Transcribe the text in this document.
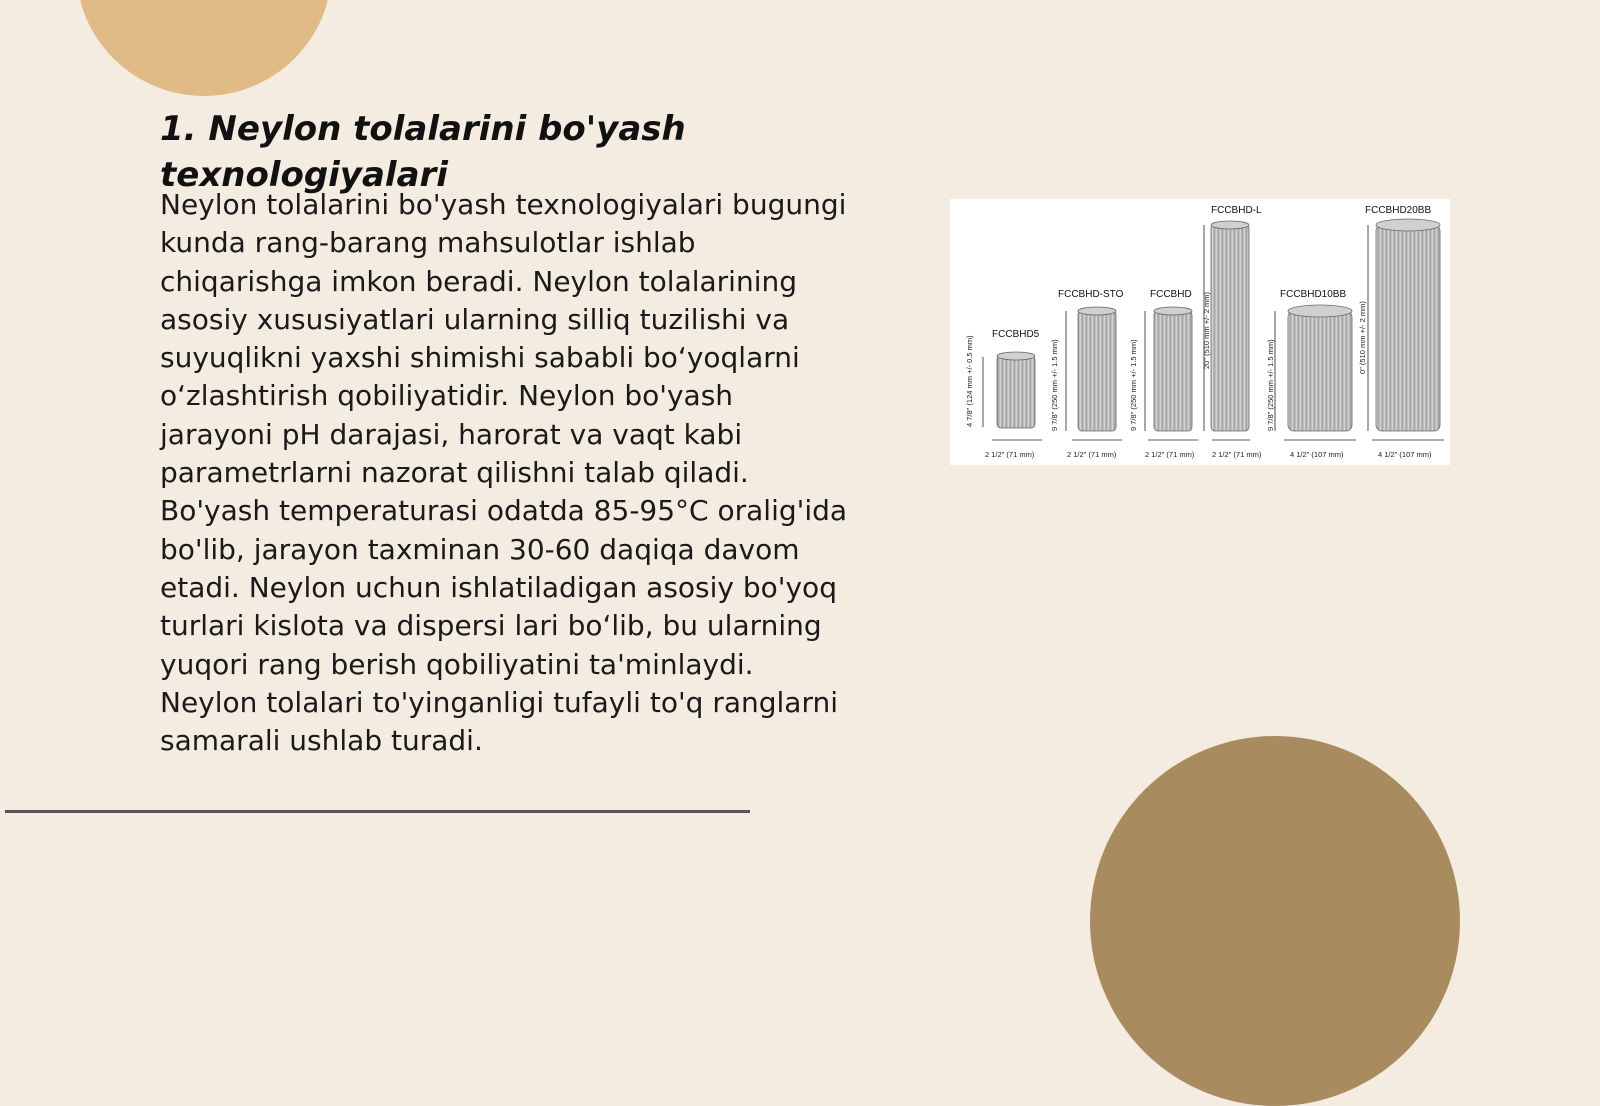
1. Neylon tolalarini bo'yash texnologiyalari

Neylon tolalarini bo'yash texnologiyalari bugungi kunda rang-barang mahsulotlar ishlab chiqarishga imkon beradi. Neylon tolalarining asosiy xususiyatlari ularning silliq tuzilishi va suyuqlikni yaxshi shimishi sababli bo‘yoqlarni o‘zlashtirish qobiliyatidir. Neylon bo'yash jarayoni pH darajasi, harorat va vaqt kabi parametrlarni nazorat qilishni talab qiladi. Bo'yash temperaturasi odatda 85-95°C oralig'ida bo'lib, jarayon taxminan 30-60 daqiqa davom etadi. Neylon uchun ishlatiladigan asosiy bo'yoq turlari kislota va dispersi lari bo‘lib, bu ularning yuqori rang berish qobiliyatini ta'minlaydi. Neylon tolalari to'yinganligi tufayli to'q ranglarni samarali ushlab turadi.

FCCBHD5
4 7/8" (124 mm +/- 0.5 mm)
2 1/2" (71 mm)
FCCBHD-STO
9 7/8" (250 mm +/- 1.5 mm)
2 1/2" (71 mm)
FCCBHD
9 7/8" (250 mm +/- 1.5 mm)
2 1/2" (71 mm)
FCCBHD-L
20" (510 mm +/- 2 mm)
2 1/2" (71 mm)
FCCBHD10BB
9 7/8" (250 mm +/- 1.5 mm)
4 1/2" (107 mm)
FCCBHD20BB
0" (510 mm +/- 2 mm)
4 1/2" (107 mm)
